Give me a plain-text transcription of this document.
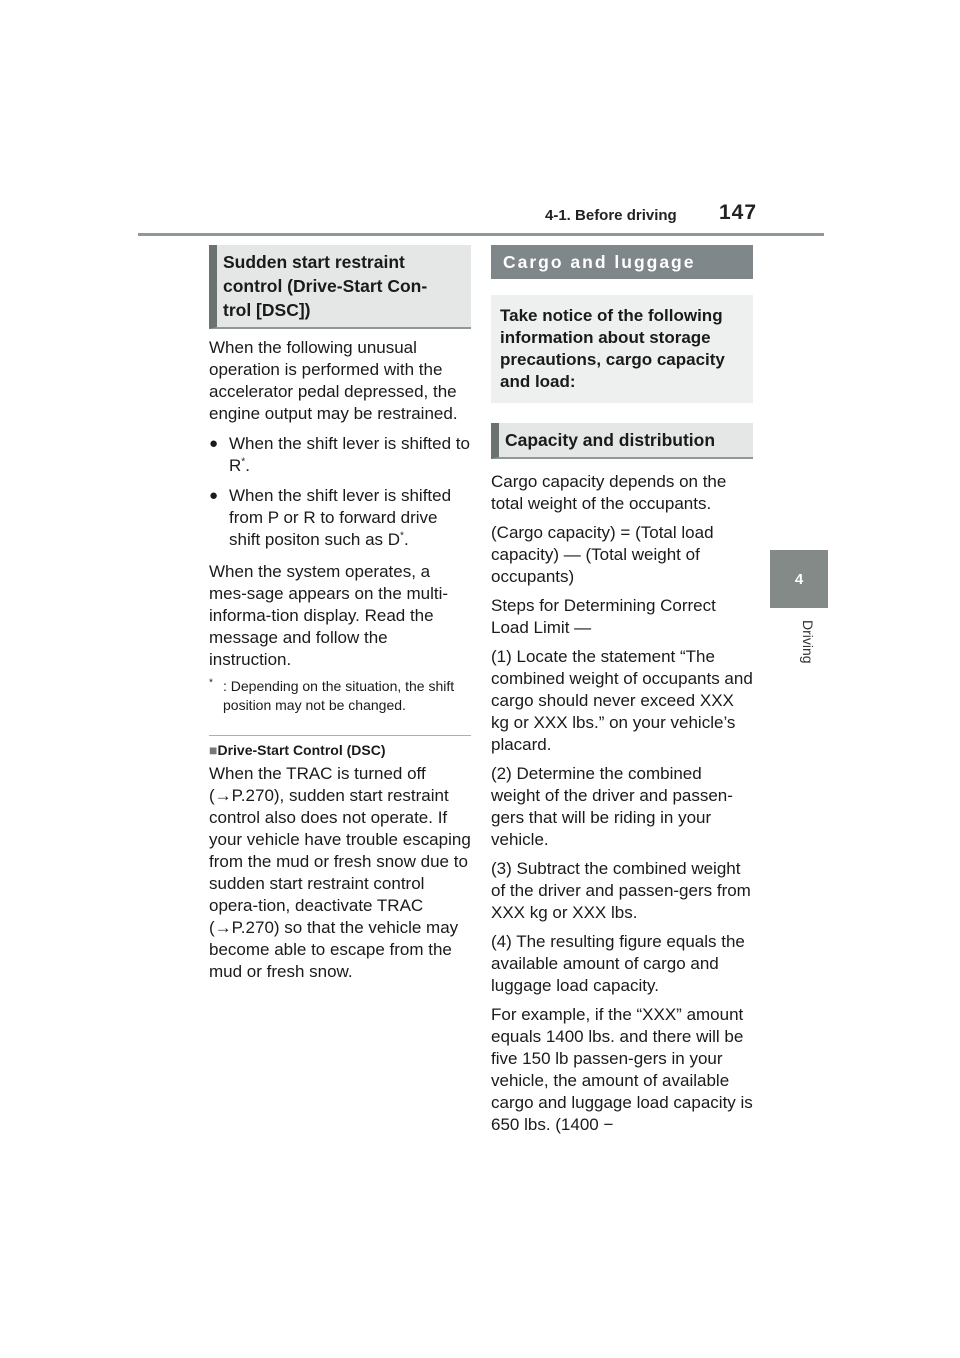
4-1. Before driving 147
4
Driving
Sudden start restraint
control (Drive-Start Con-
trol [DSC])

When the following unusual operation is performed with the accelerator pedal depressed, the engine output may be restrained.

● When the shift lever is shifted to R*.
● When the shift lever is shifted from P or R to forward drive shift positon such as D*.

When the system operates, a mes-sage appears on the multi-informa-tion display. Read the message and follow the instruction.

* : Depending on the situation, the shift position may not be changed.
■Drive-Start Control (DSC)

When the TRAC is turned off (→P.270), sudden start restraint control also does not operate. If your vehicle have trouble escaping from the mud or fresh snow due to sudden start restraint control opera-tion, deactivate TRAC (→P.270) so that the vehicle may become able to escape from the mud or fresh snow.

Cargo and luggage
Take notice of the following information about storage precautions, cargo capacity and load:
Capacity and distribution

Cargo capacity depends on the total weight of the occupants.

(Cargo capacity) = (Total load capacity) — (Total weight of occupants)

Steps for Determining Correct Load Limit —

(1) Locate the statement “The combined weight of occupants and cargo should never exceed XXX kg or XXX lbs.” on your vehicle’s placard.

(2) Determine the combined weight of the driver and passen-gers that will be riding in your vehicle.

(3) Subtract the combined weight of the driver and passen-gers from XXX kg or XXX lbs.

(4) The resulting figure equals the available amount of cargo and luggage load capacity.

For example, if the “XXX” amount equals 1400 lbs. and there will be five 150 lb passen-gers in your vehicle, the amount of available cargo and luggage load capacity is 650 lbs. (1400 −
